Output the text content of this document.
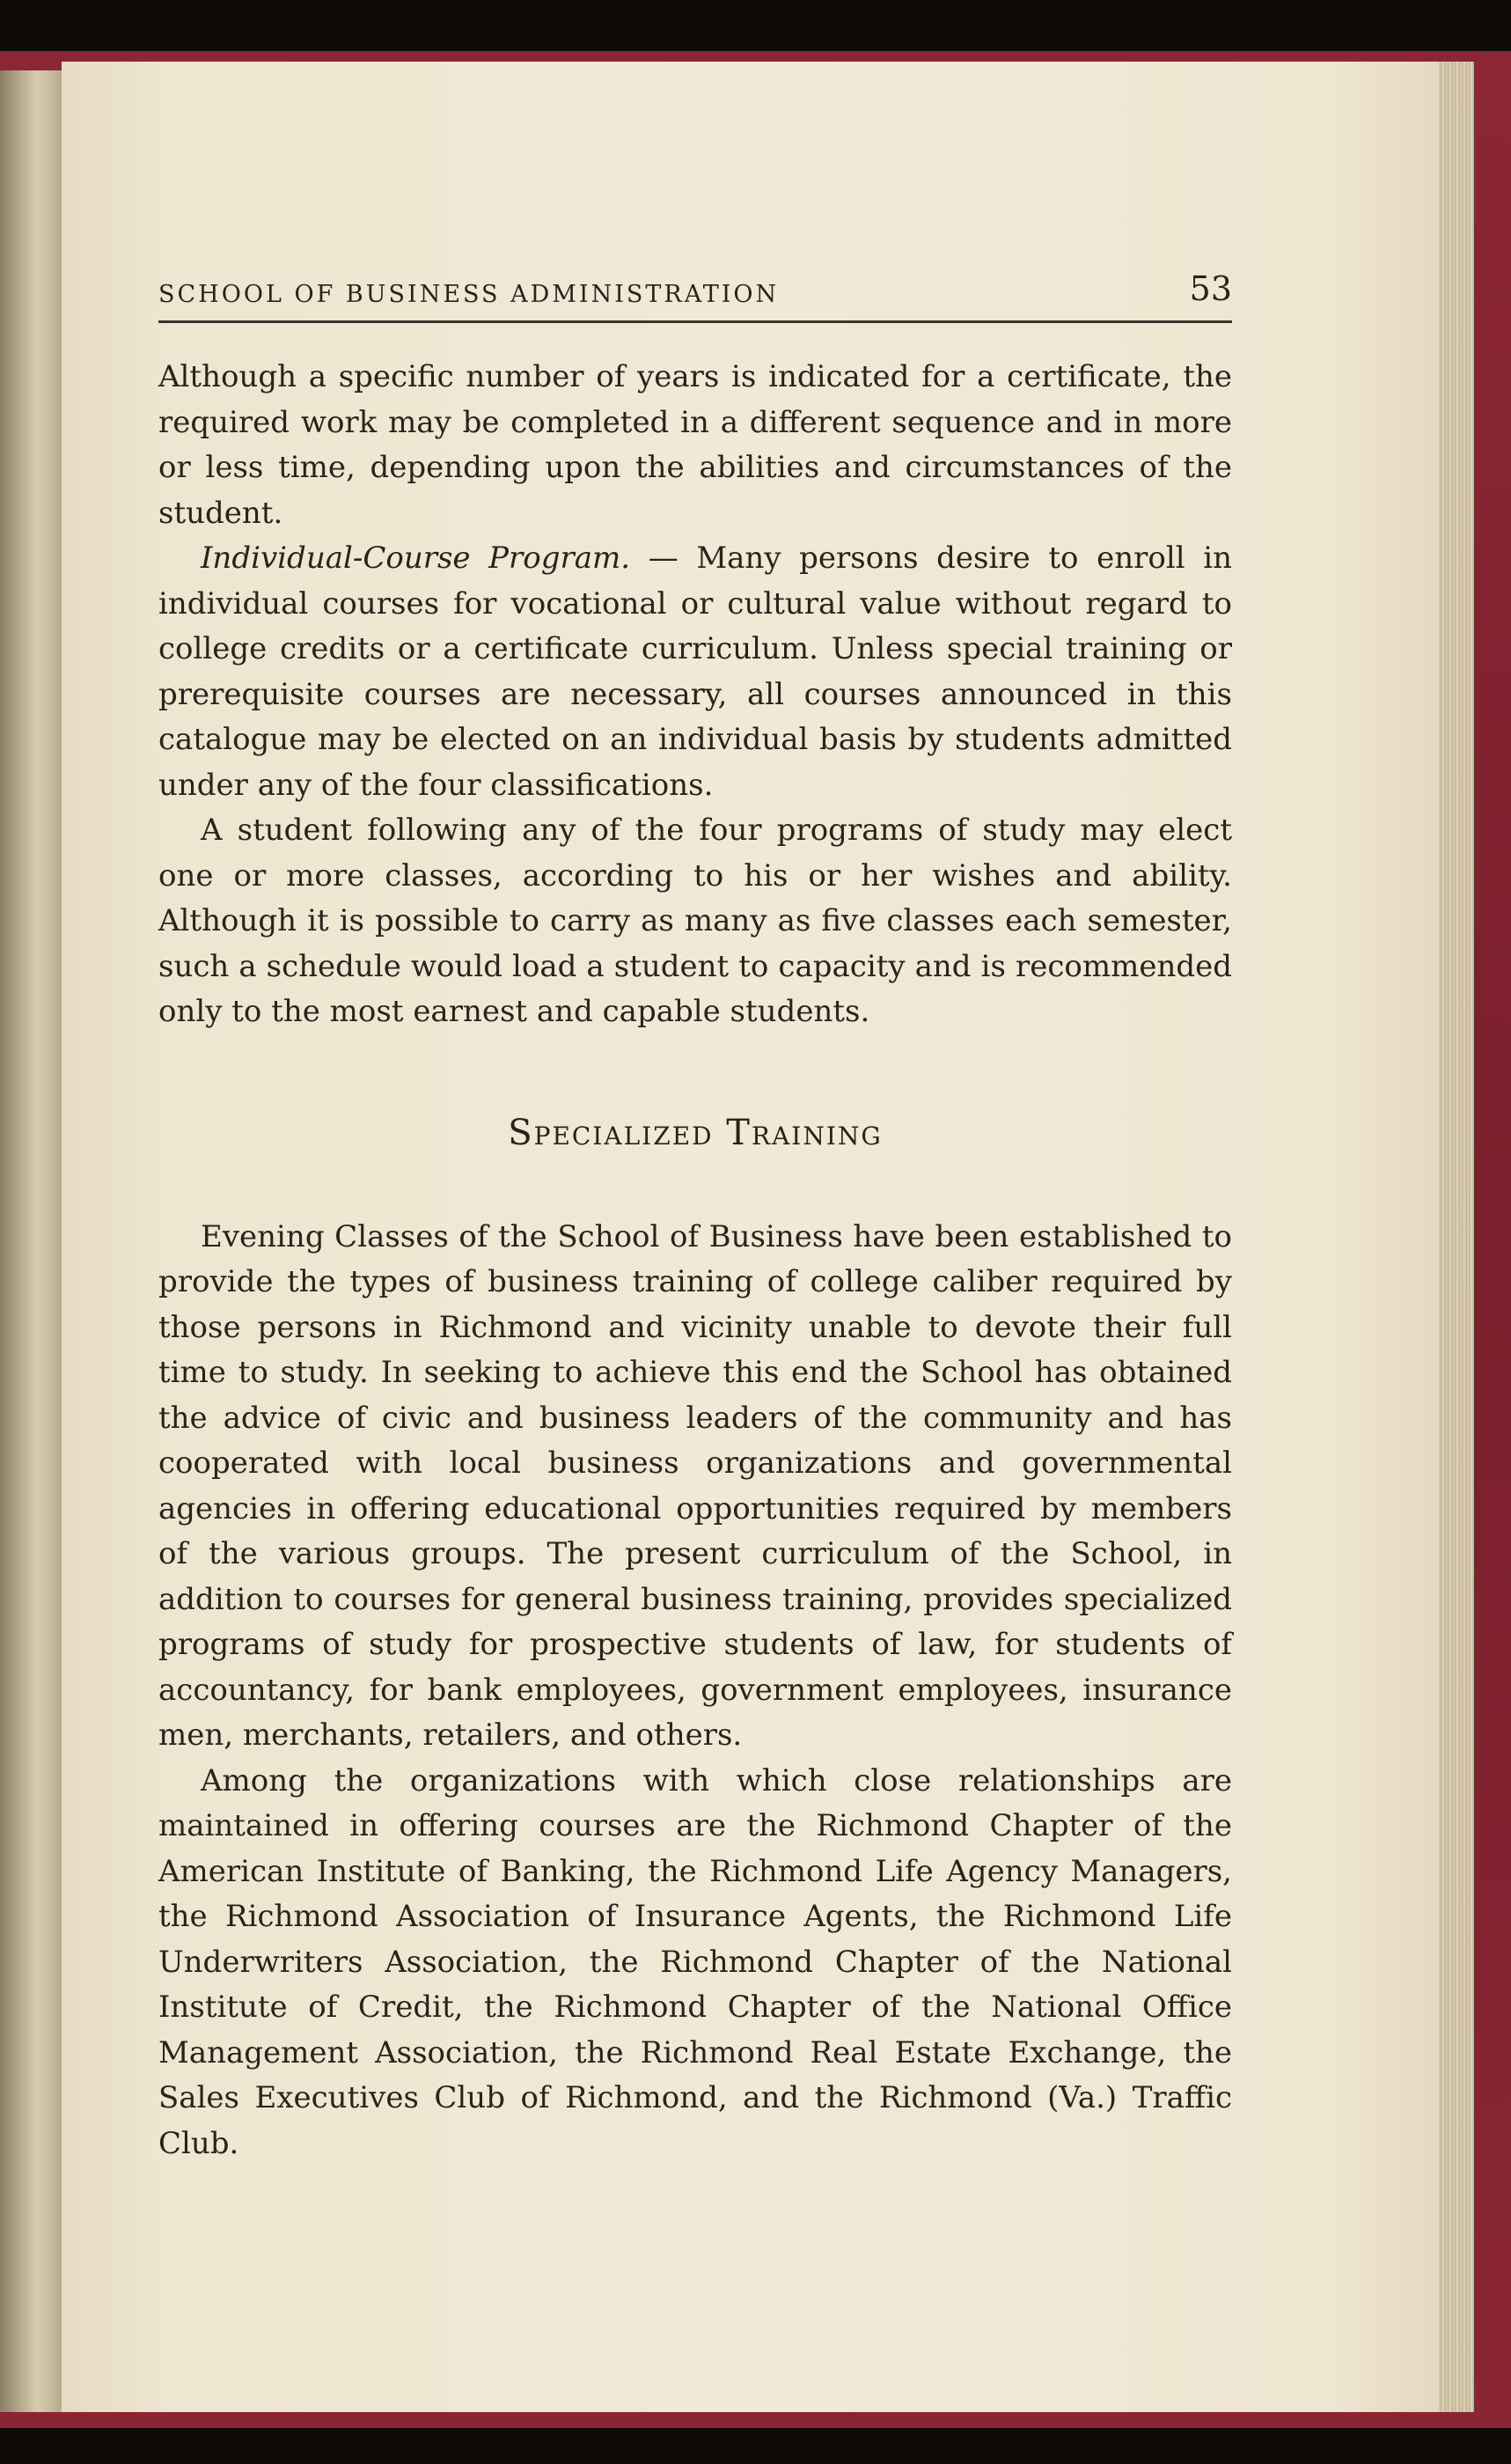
SCHOOL OF BUSINESS ADMINISTRATION	53

Although a specific number of years is indicated for a certificate, the required work may be completed in a different sequence and in more or less time, depending upon the abilities and circumstances of the student.

Individual-Course Program. — Many persons desire to enroll in individual courses for vocational or cultural value without regard to college credits or a certificate curriculum. Unless special training or prerequisite courses are necessary, all courses announced in this catalogue may be elected on an individual basis by students admitted under any of the four classifications.

A student following any of the four programs of study may elect one or more classes, according to his or her wishes and ability. Although it is possible to carry as many as five classes each semester, such a schedule would load a student to capacity and is recommended only to the most earnest and capable students.

Specialized Training

Evening Classes of the School of Business have been established to provide the types of business training of college caliber required by those persons in Richmond and vicinity unable to devote their full time to study. In seeking to achieve this end the School has obtained the advice of civic and business leaders of the community and has cooperated with local business organizations and governmental agencies in offering educational opportunities required by members of the various groups. The present curriculum of the School, in addition to courses for general business training, provides specialized programs of study for prospective students of law, for students of accountancy, for bank employees, government employees, insurance men, merchants, retailers, and others.

Among the organizations with which close relationships are maintained in offering courses are the Richmond Chapter of the American Institute of Banking, the Richmond Life Agency Managers, the Richmond Association of Insurance Agents, the Richmond Life Underwriters Association, the Richmond Chapter of the National Institute of Credit, the Richmond Chapter of the National Office Management Association, the Richmond Real Estate Exchange, the Sales Executives Club of Richmond, and the Richmond (Va.) Traffic Club.
